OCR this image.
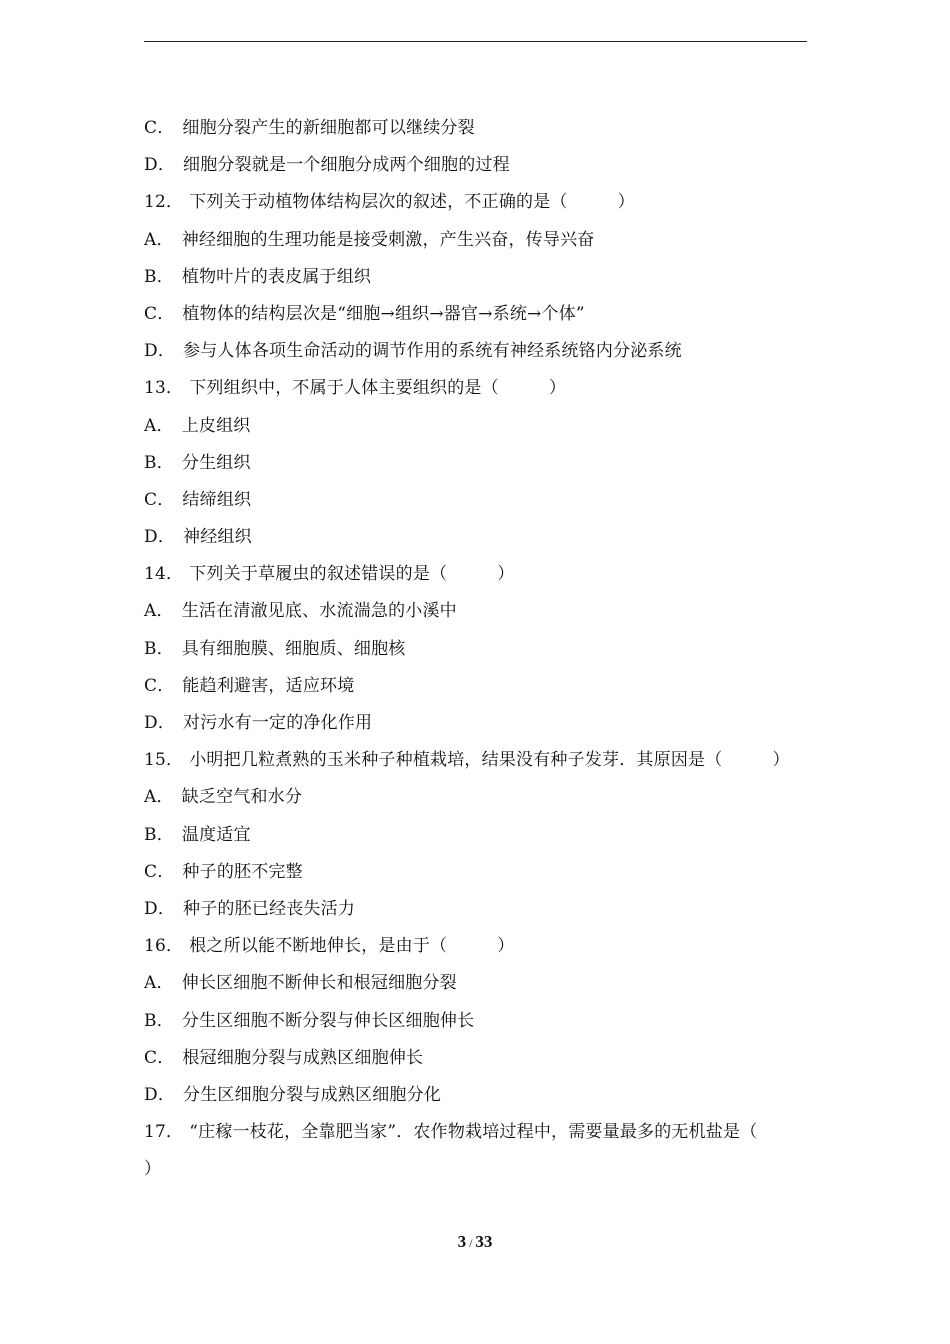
C． 细胞分裂产生的新细胞都可以继续分裂
D． 细胞分裂就是一个细胞分成两个细胞的过程
12． 下列关于动植物体结构层次的叙述，不正确的是（	）
A． 神经细胞的生理功能是接受刺激，产生兴奋，传导兴奋
B． 植物叶片的表皮属于组织
C． 植物体的结构层次是“细胞→组织→器官→系统→个体”
D． 参与人体各项生命活动的调节作用的系统有神经系统铬内分泌系统
13． 下列组织中，不属于人体主要组织的是（	）
A． 上皮组织
B． 分生组织
C． 结缔组织
D． 神经组织
14． 下列关于草履虫的叙述错误的是（	）
A． 生活在清澈见底、水流湍急的小溪中
B． 具有细胞膜、细胞质、细胞核
C． 能趋利避害，适应环境
D． 对污水有一定的净化作用
15． 小明把几粒煮熟的玉米种子种植栽培，结果没有种子发芽．其原因是（	）
A． 缺乏空气和水分
B． 温度适宜
C． 种子的胚不完整
D． 种子的胚已经丧失活力
16． 根之所以能不断地伸长，是由于（	）
A． 伸长区细胞不断伸长和根冠细胞分裂
B． 分生区细胞不断分裂与伸长区细胞伸长
C． 根冠细胞分裂与成熟区细胞伸长
D． 分生区细胞分裂与成熟区细胞分化
17． “庄稼一枝花，全靠肥当家”．农作物栽培过程中，需要量最多的无机盐是（
）
3 / 33
